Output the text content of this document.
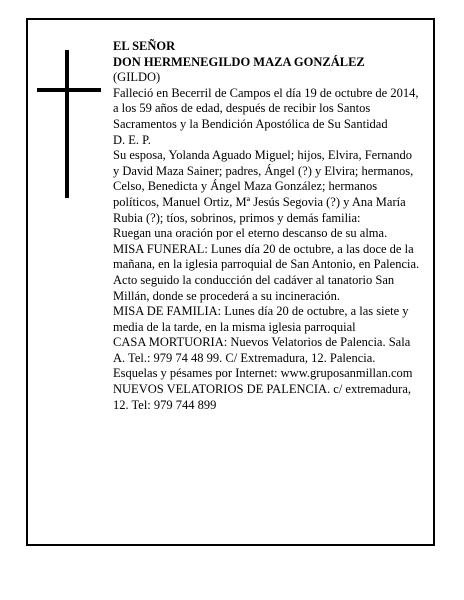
EL SEÑOR

DON HERMENEGILDO MAZA GONZÁLEZ

(GILDO)

Falleció en Becerril de Campos el día 19 de octubre de 2014, a los 59 años de edad, después de recibir los Santos Sacramentos y la Bendición Apostólica de Su Santidad

D. E. P.

Su esposa, Yolanda Aguado Miguel; hijos, Elvira, Fernando y David Maza Sainer; padres, Ángel (?) y Elvira; hermanos, Celso, Benedicta y Ángel Maza González; hermanos políticos, Manuel Ortiz, Mª Jesús Segovia (?) y Ana María Rubia (?); tíos, sobrinos, primos y demás familia:

Ruegan una oración por el eterno descanso de su alma.

MISA FUNERAL: Lunes día 20 de octubre, a las doce de la mañana, en la iglesia parroquial de San Antonio, en Palencia. Acto seguido la conducción del cadáver al tanatorio San Millán, donde se procederá a su incineración.

MISA DE FAMILIA: Lunes día 20 de octubre, a las siete y media de la tarde, en la misma iglesia parroquial

CASA MORTUORIA: Nuevos Velatorios de Palencia. Sala A. Tel.: 979 74 48 99. C/ Extremadura, 12. Palencia.

Esquelas y pésames por Internet: www.gruposanmillan.com

NUEVOS VELATORIOS DE PALENCIA. c/ extremadura, 12. Tel: 979 744 899
